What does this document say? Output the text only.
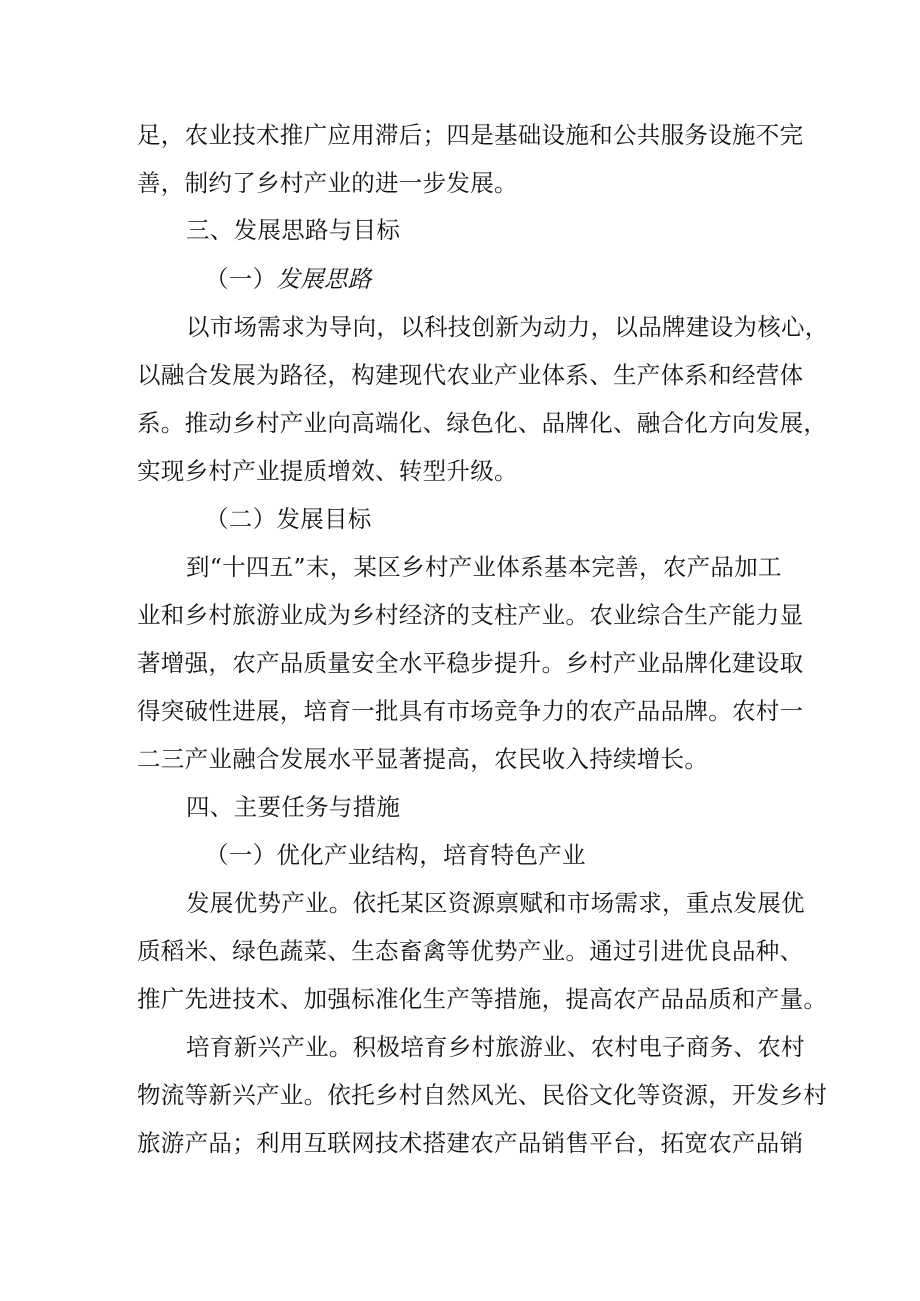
足，农业技术推广应用滞后；四是基础设施和公共服务设施不完
善，制约了乡村产业的进一步发展。
三、发展思路与目标
（一）发展思路
以市场需求为导向，以科技创新为动力，以品牌建设为核心，
以融合发展为路径，构建现代农业产业体系、生产体系和经营体
系。推动乡村产业向高端化、绿色化、品牌化、融合化方向发展，
实现乡村产业提质增效、转型升级。
（二）发展目标
到“十四五”末，某区乡村产业体系基本完善，农产品加工
业和乡村旅游业成为乡村经济的支柱产业。农业综合生产能力显
著增强，农产品质量安全水平稳步提升。乡村产业品牌化建设取
得突破性进展，培育一批具有市场竞争力的农产品品牌。农村一
二三产业融合发展水平显著提高，农民收入持续增长。
四、主要任务与措施
（一）优化产业结构，培育特色产业
发展优势产业。依托某区资源禀赋和市场需求，重点发展优
质稻米、绿色蔬菜、生态畜禽等优势产业。通过引进优良品种、
推广先进技术、加强标准化生产等措施，提高农产品品质和产量。
培育新兴产业。积极培育乡村旅游业、农村电子商务、农村
物流等新兴产业。依托乡村自然风光、民俗文化等资源，开发乡村
旅游产品；利用互联网技术搭建农产品销售平台，拓宽农产品销
